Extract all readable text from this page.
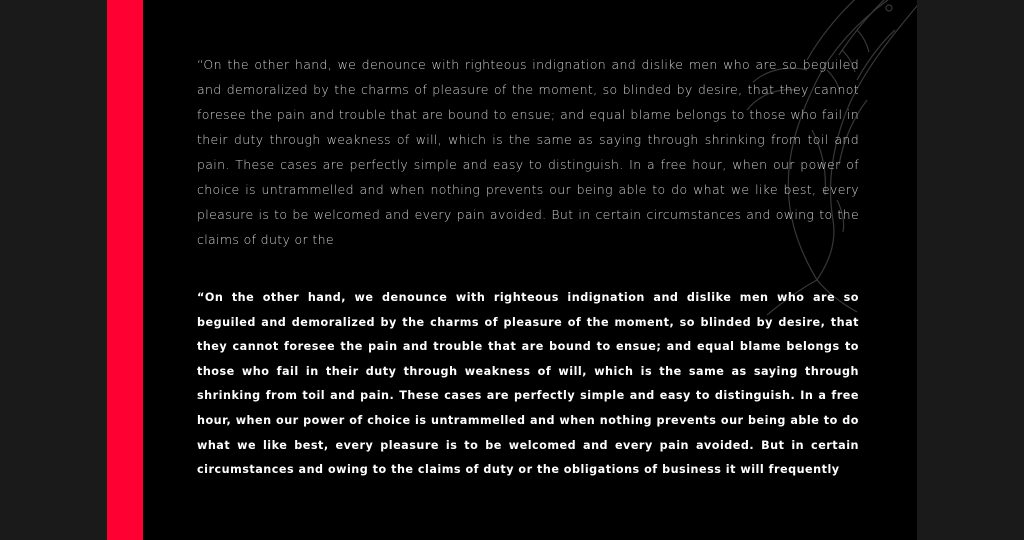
“On the other hand, we denounce with righteous indignation and dislike men who are so beguiled and demoralized by the charms of pleasure of the moment, so blinded by desire, that they cannot foresee the pain and trouble that are bound to ensue; and equal blame belongs to those who fail in their duty through weakness of will, which is the same as saying through shrinking from toil and pain. These cases are perfectly simple and easy to distinguish. In a free hour, when our power of choice is untrammelled and when nothing prevents our being able to do what we like best, every pleasure is to be welcomed and every pain avoided. But in certain circumstances and owing to the claims of duty or the

“On the other hand, we denounce with righteous indignation and dislike men who are so beguiled and demoralized by the charms of pleasure of the moment, so blinded by desire, that they cannot foresee the pain and trouble that are bound to ensue; and equal blame belongs to those who fail in their duty through weakness of will, which is the same as saying through shrinking from toil and pain. These cases are perfectly simple and easy to distinguish. In a free hour, when our power of choice is untrammelled and when nothing prevents our being able to do what we like best, every pleasure is to be welcomed and every pain avoided. But in certain circumstances and owing to the claims of duty or the obligations of business it will frequently
